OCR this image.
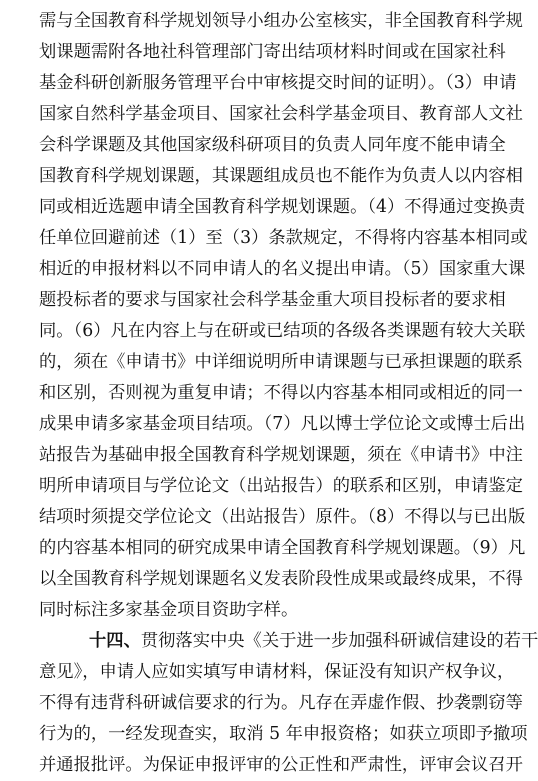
需与全国教育科学规划领导小组办公室核实，非全国教育科学规
划课题需附各地社科管理部门寄出结项材料时间或在国家社科
基金科研创新服务管理平台中审核提交时间的证明）。（3）申请
国家自然科学基金项目、国家社会科学基金项目、教育部人文社
会科学课题及其他国家级科研项目的负责人同年度不能申请全
国教育科学规划课题，其课题组成员也不能作为负责人以内容相
同或相近选题申请全国教育科学规划课题。（4）不得通过变换责
任单位回避前述（1）至（3）条款规定，不得将内容基本相同或
相近的申报材料以不同申请人的名义提出申请。（5）国家重大课
题投标者的要求与国家社会科学基金重大项目投标者的要求相
同。（6）凡在内容上与在研或已结项的各级各类课题有较大关联
的，须在《申请书》中详细说明所申请课题与已承担课题的联系
和区别，否则视为重复申请；不得以内容基本相同或相近的同一
成果申请多家基金项目结项。（7）凡以博士学位论文或博士后出
站报告为基础申报全国教育科学规划课题，须在《申请书》中注
明所申请项目与学位论文（出站报告）的联系和区别，申请鉴定
结项时须提交学位论文（出站报告）原件。（8）不得以与已出版
的内容基本相同的研究成果申请全国教育科学规划课题。（9）凡
以全国教育科学规划课题名义发表阶段性成果或最终成果，不得
同时标注多家基金项目资助字样。
十四、贯彻落实中央《关于进一步加强科研诚信建设的若干
意见》，申请人应如实填写申请材料，保证没有知识产权争议，
不得有违背科研诚信要求的行为。凡存在弄虚作假、抄袭剽窃等
行为的，一经发现查实，取消 5 年申报资格；如获立项即予撤项
并通报批评。为保证申报评审的公正性和严肃性，评审会议召开
